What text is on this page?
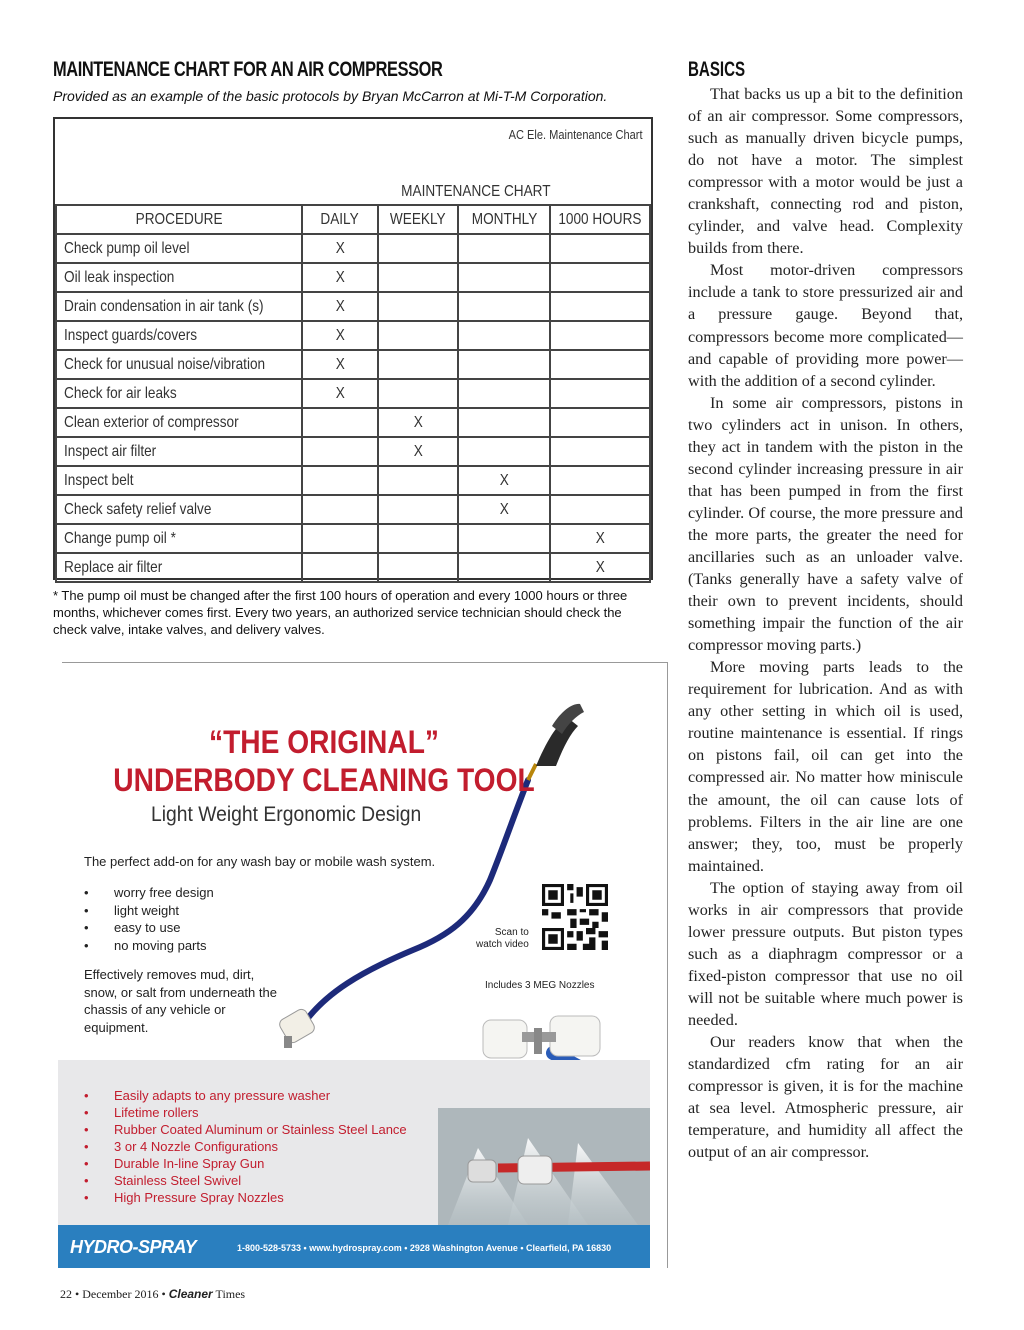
MAINTENANCE CHART FOR AN AIR COMPRESSOR
Provided as an example of the basic protocols by Bryan McCarron at Mi-T-M Corporation.
AC Ele. Maintenance Chart
	MAINTENANCE CHART			
PROCEDURE	DAILY	WEEKLY	MONTHLY	1000 HOURS
Check pump oil level	X			
Oil leak inspection	X			
Drain condensation in air tank (s)	X			
Inspect guards/covers	X			
Check for unusual noise/vibration	X			
Check for air leaks	X			
Clean exterior of compressor		X		
Inspect air filter		X		
Inspect belt			X	
Check safety relief valve			X	
Change pump oil *				X
Replace air filter				X
* The pump oil must be changed after the first 100 hours of operation and every 1000 hours or three months, whichever comes first. Every two years, an authorized service technician should check the check valve, intake valves, and delivery valves.
“THE ORIGINAL”
UNDERBODY CLEANING TOOL
Light Weight Ergonomic Design
The perfect add-on for any wash bay or mobile wash system.
• worry free design
• light weight
• easy to use
• no moving parts
Effectively removes mud, dirt, snow, or salt from underneath the chassis of any vehicle or equipment.
Scan to
watch video
Includes 3 MEG Nozzles
• Easily adapts to any pressure washer
• Lifetime rollers
• Rubber Coated Aluminum or Stainless Steel Lance
• 3 or 4 Nozzle Configurations
• Durable In-line Spray Gun
• Stainless Steel Swivel
• High Pressure Spray Nozzles
HYDRO-SPRAY	1-800-528-5733 • www.hydrospray.com • 2928 Washington Avenue • Clearfield, PA 16830
BASICS

That backs us up a bit to the definition of an air compressor. Some compressors, such as manually driven bicycle pumps, do not have a motor. The simplest compressor with a motor would be just a crankshaft, connecting rod and piston, cylinder, and valve head. Complexity builds from there.

Most motor-driven compressors include a tank to store pressurized air and a pressure gauge. Beyond that, compressors become more complicated—and capable of providing more power—with the addition of a second cylinder.

In some air compressors, pistons in two cylinders act in unison. In others, they act in tandem with the piston in the second cylinder increasing pressure in air that has been pumped in from the first cylinder. Of course, the more pressure and the more parts, the greater the need for ancillaries such as an unloader valve. (Tanks generally have a safety valve of their own to prevent incidents, should something impair the function of the air compressor moving parts.)

More moving parts leads to the requirement for lubrication. And as with any other setting in which oil is used, routine maintenance is essential. If rings on pistons fail, oil can get into the compressed air. No matter how miniscule the amount, the oil can cause lots of problems. Filters in the air line are one answer; they, too, must be properly maintained.

The option of staying away from oil works in air compressors that provide lower pressure outputs. But piston types such as a diaphragm compressor or a fixed-piston compressor that use no oil will not be suitable where much power is needed.

Our readers know that when the standardized cfm rating for an air compressor is given, it is for the machine at sea level. Atmospheric pressure, air temperature, and humidity all affect the output of an air compressor.

22 • December 2016 • Cleaner Times
